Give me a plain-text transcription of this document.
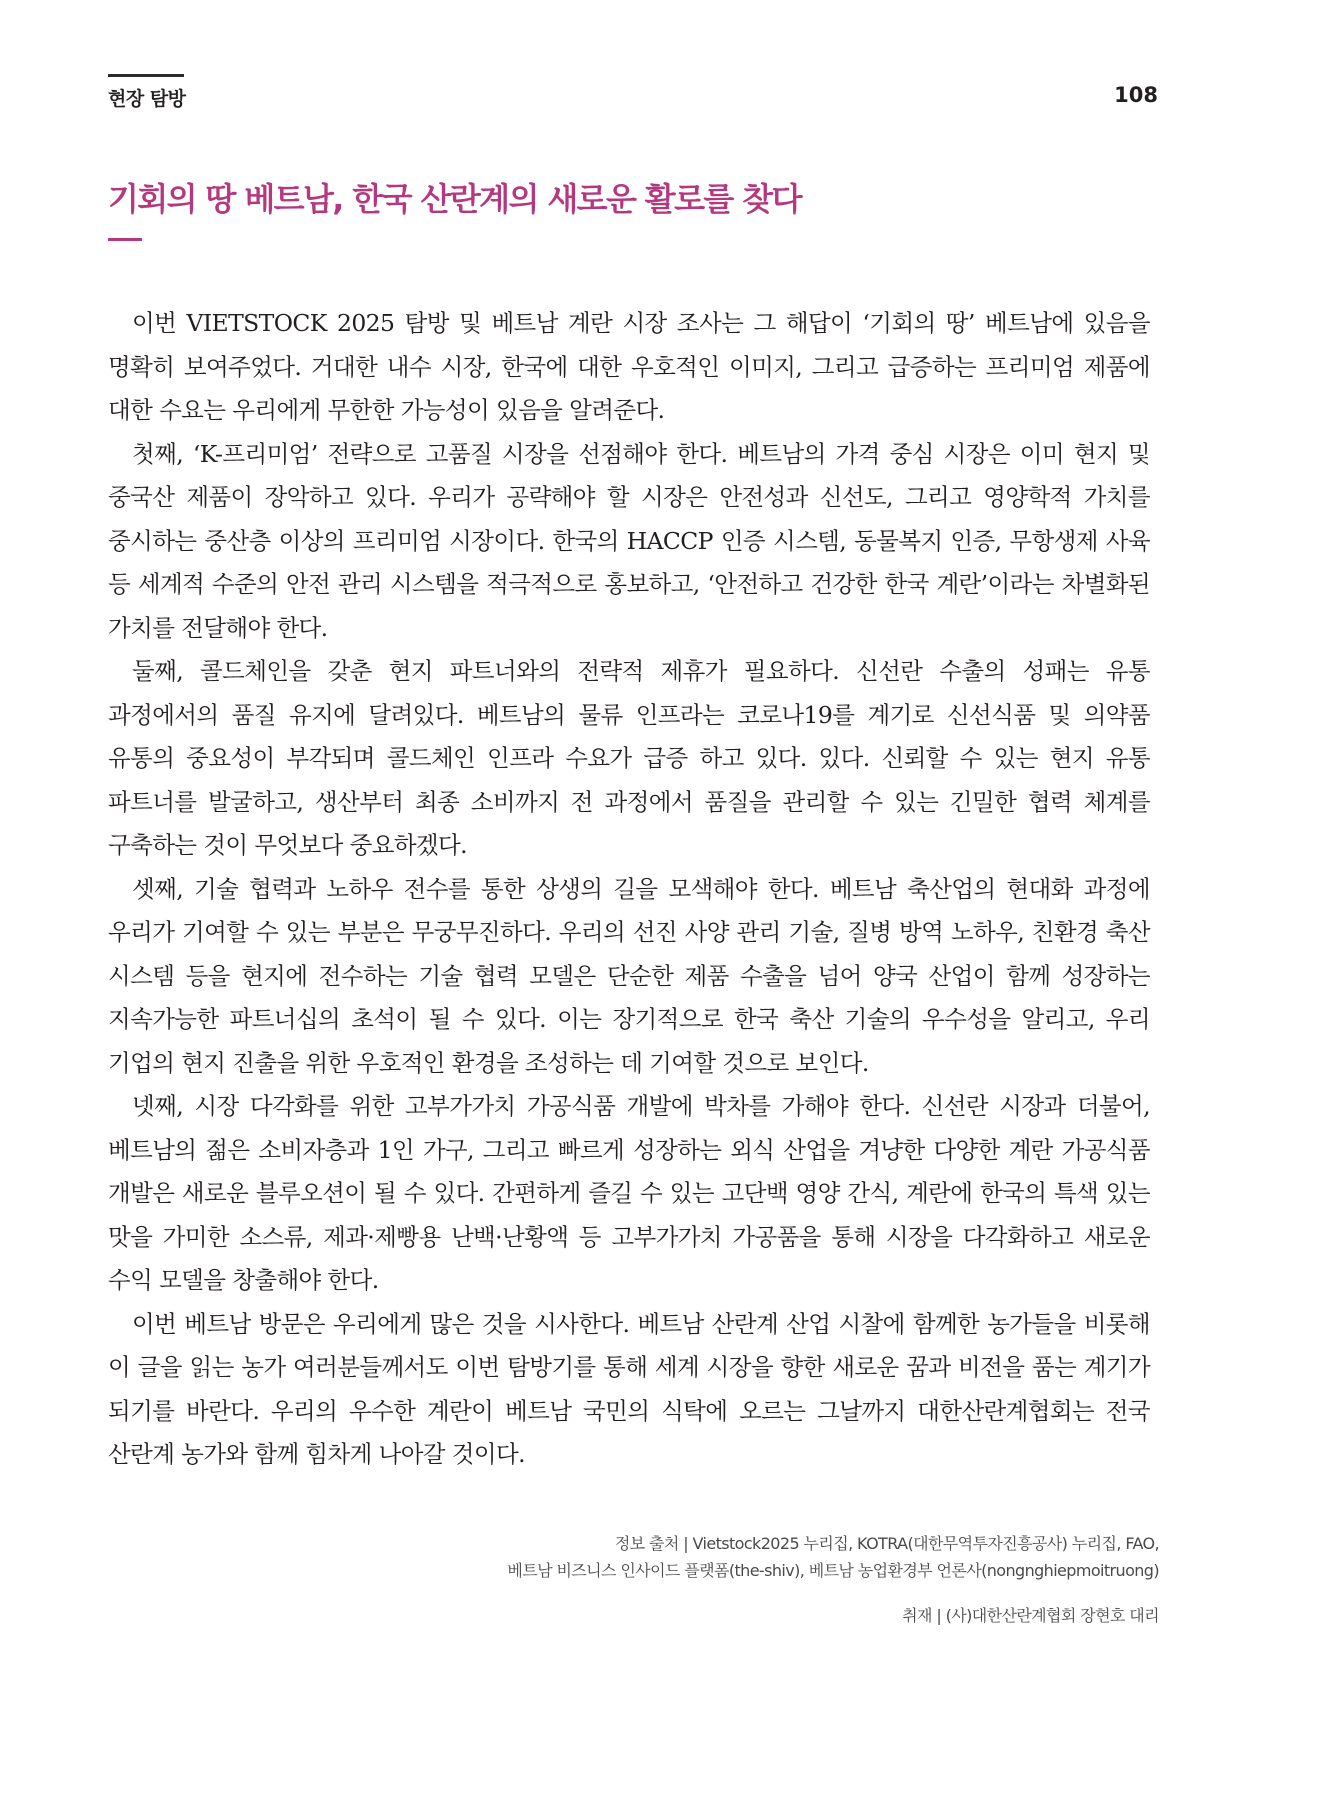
현장 탐방	108
기회의 땅 베트남, 한국 산란계의 새로운 활로를 찾다

이번 VIETSTOCK 2025 탐방 및 베트남 계란 시장 조사는 그 해답이 ‘기회의 땅’ 베트남에 있음을 명확히 보여주었다. 거대한 내수 시장, 한국에 대한 우호적인 이미지, 그리고 급증하는 프리미엄 제품에 대한 수요는 우리에게 무한한 가능성이 있음을 알려준다.

첫째, ‘K-프리미엄’ 전략으로 고품질 시장을 선점해야 한다. 베트남의 가격 중심 시장은 이미 현지 및 중국산 제품이 장악하고 있다. 우리가 공략해야 할 시장은 안전성과 신선도, 그리고 영양학적 가치를 중시하는 중산층 이상의 프리미엄 시장이다. 한국의 HACCP 인증 시스템, 동물복지 인증, 무항생제 사육 등 세계적 수준의 안전 관리 시스템을 적극적으로 홍보하고, ‘안전하고 건강한 한국 계란’이라는 차별화된 가치를 전달해야 한다.

둘째, 콜드체인을 갖춘 현지 파트너와의 전략적 제휴가 필요하다. 신선란 수출의 성패는 유통 과정에서의 품질 유지에 달려있다. 베트남의 물류 인프라는 코로나19를 계기로 신선식품 및 의약품 유통의 중요성이 부각되며 콜드체인 인프라 수요가 급증 하고 있다. 있다. 신뢰할 수 있는 현지 유통 파트너를 발굴하고, 생산부터 최종 소비까지 전 과정에서 품질을 관리할 수 있는 긴밀한 협력 체계를 구축하는 것이 무엇보다 중요하겠다.

셋째, 기술 협력과 노하우 전수를 통한 상생의 길을 모색해야 한다. 베트남 축산업의 현대화 과정에 우리가 기여할 수 있는 부분은 무궁무진하다. 우리의 선진 사양 관리 기술, 질병 방역 노하우, 친환경 축산 시스템 등을 현지에 전수하는 기술 협력 모델은 단순한 제품 수출을 넘어 양국 산업이 함께 성장하는 지속가능한 파트너십의 초석이 될 수 있다. 이는 장기적으로 한국 축산 기술의 우수성을 알리고, 우리 기업의 현지 진출을 위한 우호적인 환경을 조성하는 데 기여할 것으로 보인다.

넷째, 시장 다각화를 위한 고부가가치 가공식품 개발에 박차를 가해야 한다. 신선란 시장과 더불어, 베트남의 젊은 소비자층과 1인 가구, 그리고 빠르게 성장하는 외식 산업을 겨냥한 다양한 계란 가공식품 개발은 새로운 블루오션이 될 수 있다. 간편하게 즐길 수 있는 고단백 영양 간식, 계란에 한국의 특색 있는 맛을 가미한 소스류, 제과·제빵용 난백·난황액 등 고부가가치 가공품을 통해 시장을 다각화하고 새로운 수익 모델을 창출해야 한다.

이번 베트남 방문은 우리에게 많은 것을 시사한다. 베트남 산란계 산업 시찰에 함께한 농가들을 비롯해 이 글을 읽는 농가 여러분들께서도 이번 탐방기를 통해 세계 시장을 향한 새로운 꿈과 비전을 품는 계기가 되기를 바란다. 우리의 우수한 계란이 베트남 국민의 식탁에 오르는 그날까지 대한산란계협회는 전국 산란계 농가와 함께 힘차게 나아갈 것이다.

정보 출처 | Vietstock2025 누리집, KOTRA(대한무역투자진흥공사) 누리집, FAO,
베트남 비즈니스 인사이드 플랫폼(the-shiv), 베트남 농업환경부 언론사(nongnghiepmoitruong)
취재 | (사)대한산란계협회 장현호 대리
